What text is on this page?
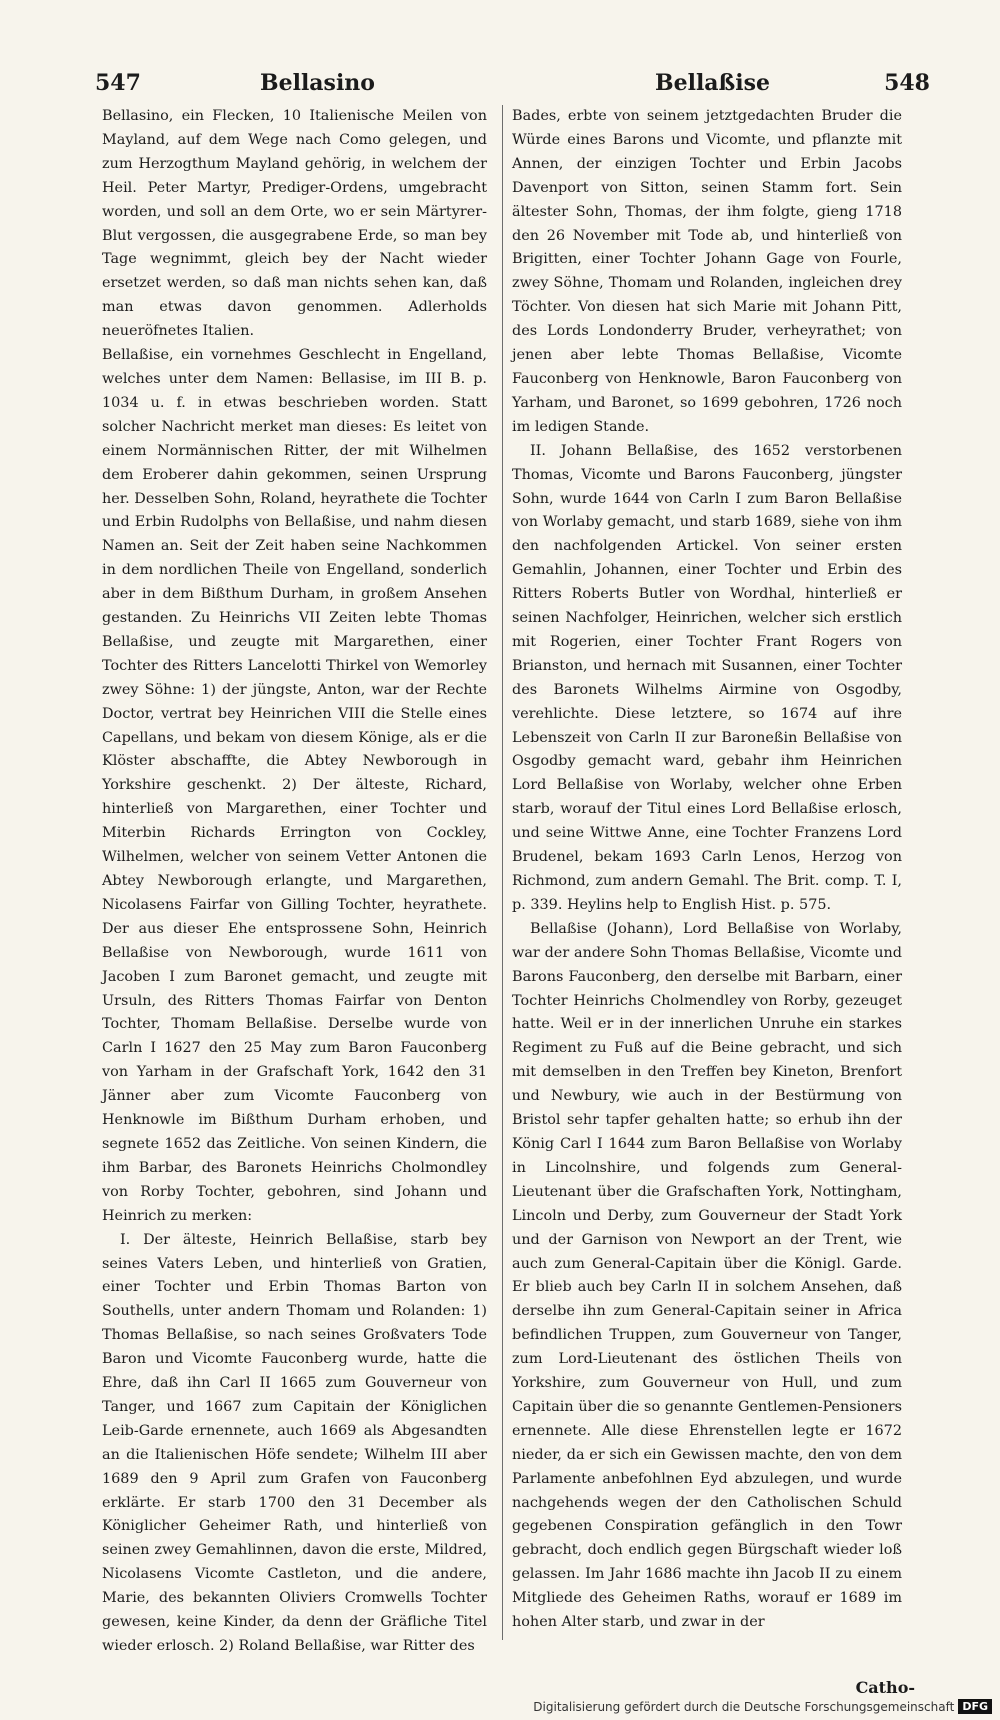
547	Bellasino	Bellaßise	548

Bellasino, ein Flecken, 10 Italienische Meilen von Mayland, auf dem Wege nach Como gelegen, und zum Herzogthum Mayland gehörig, in welchem der Heil. Peter Martyr, Prediger-Ordens, umgebracht worden, und soll an dem Orte, wo er sein Märtyrer-Blut vergossen, die ausgegrabene Erde, so man bey Tage wegnimmt, gleich bey der Nacht wieder ersetzet werden, so daß man nichts sehen kan, daß man etwas davon genommen. Adlerholds neueröfnetes Italien.

Bellaßise, ein vornehmes Geschlecht in Engelland, welches unter dem Namen: Bellasise, im III B. p. 1034 u. f. in etwas beschrieben worden. Statt solcher Nachricht merket man dieses: Es leitet von einem Normännischen Ritter, der mit Wilhelmen dem Eroberer dahin gekommen, seinen Ursprung her. Desselben Sohn, Roland, heyrathete die Tochter und Erbin Rudolphs von Bellaßise, und nahm diesen Namen an. Seit der Zeit haben seine Nachkommen in dem nordlichen Theile von Engelland, sonderlich aber in dem Bißthum Durham, in großem Ansehen gestanden. Zu Heinrichs VII Zeiten lebte Thomas Bellaßise, und zeugte mit Margarethen, einer Tochter des Ritters Lancelotti Thirkel von Wemorley zwey Söhne: 1) der jüngste, Anton, war der Rechte Doctor, vertrat bey Heinrichen VIII die Stelle eines Capellans, und bekam von diesem Könige, als er die Klöster abschaffte, die Abtey Newborough in Yorkshire geschenkt. 2) Der älteste, Richard, hinterließ von Margarethen, einer Tochter und Miterbin Richards Errington von Cockley, Wilhelmen, welcher von seinem Vetter Antonen die Abtey Newborough erlangte, und Margarethen, Nicolasens Fairfar von Gilling Tochter, heyrathete. Der aus dieser Ehe entsprossene Sohn, Heinrich Bellaßise von Newborough, wurde 1611 von Jacoben I zum Baronet gemacht, und zeugte mit Ursuln, des Ritters Thomas Fairfar von Denton Tochter, Thomam Bellaßise. Derselbe wurde von Carln I 1627 den 25 May zum Baron Fauconberg von Yarham in der Grafschaft York, 1642 den 31 Jänner aber zum Vicomte Fauconberg von Henknowle im Bißthum Durham erhoben, und segnete 1652 das Zeitliche. Von seinen Kindern, die ihm Barbar, des Baronets Heinrichs Cholmondley von Rorby Tochter, gebohren, sind Johann und Heinrich zu merken:

I. Der älteste, Heinrich Bellaßise, starb bey seines Vaters Leben, und hinterließ von Gratien, einer Tochter und Erbin Thomas Barton von Southells, unter andern Thomam und Rolanden: 1) Thomas Bellaßise, so nach seines Großvaters Tode Baron und Vicomte Fauconberg wurde, hatte die Ehre, daß ihn Carl II 1665 zum Gouverneur von Tanger, und 1667 zum Capitain der Königlichen Leib-Garde ernennete, auch 1669 als Abgesandten an die Italienischen Höfe sendete; Wilhelm III aber 1689 den 9 April zum Grafen von Fauconberg erklärte. Er starb 1700 den 31 December als Königlicher Geheimer Rath, und hinterließ von seinen zwey Gemahlinnen, davon die erste, Mildred, Nicolasens Vicomte Castleton, und die andere, Marie, des bekannten Oliviers Cromwells Tochter gewesen, keine Kinder, da denn der Gräfliche Titel wieder erlosch. 2) Roland Bellaßise, war Ritter des

Bades, erbte von seinem jetztgedachten Bruder die Würde eines Barons und Vicomte, und pflanzte mit Annen, der einzigen Tochter und Erbin Jacobs Davenport von Sitton, seinen Stamm fort. Sein ältester Sohn, Thomas, der ihm folgte, gieng 1718 den 26 November mit Tode ab, und hinterließ von Brigitten, einer Tochter Johann Gage von Fourle, zwey Söhne, Thomam und Rolanden, ingleichen drey Töchter. Von diesen hat sich Marie mit Johann Pitt, des Lords Londonderry Bruder, verheyrathet; von jenen aber lebte Thomas Bellaßise, Vicomte Fauconberg von Henknowle, Baron Fauconberg von Yarham, und Baronet, so 1699 gebohren, 1726 noch im ledigen Stande.

II. Johann Bellaßise, des 1652 verstorbenen Thomas, Vicomte und Barons Fauconberg, jüngster Sohn, wurde 1644 von Carln I zum Baron Bellaßise von Worlaby gemacht, und starb 1689, siehe von ihm den nachfolgenden Artickel. Von seiner ersten Gemahlin, Johannen, einer Tochter und Erbin des Ritters Roberts Butler von Wordhal, hinterließ er seinen Nachfolger, Heinrichen, welcher sich erstlich mit Rogerien, einer Tochter Frant Rogers von Brianston, und hernach mit Susannen, einer Tochter des Baronets Wilhelms Airmine von Osgodby, verehlichte. Diese letztere, so 1674 auf ihre Lebenszeit von Carln II zur Baroneßin Bellaßise von Osgodby gemacht ward, gebahr ihm Heinrichen Lord Bellaßise von Worlaby, welcher ohne Erben starb, worauf der Titul eines Lord Bellaßise erlosch, und seine Wittwe Anne, eine Tochter Franzens Lord Brudenel, bekam 1693 Carln Lenos, Herzog von Richmond, zum andern Gemahl. The Brit. comp. T. I, p. 339. Heylins help to English Hist. p. 575.

Bellaßise (Johann), Lord Bellaßise von Worlaby, war der andere Sohn Thomas Bellaßise, Vicomte und Barons Fauconberg, den derselbe mit Barbarn, einer Tochter Heinrichs Cholmendley von Rorby, gezeuget hatte. Weil er in der innerlichen Unruhe ein starkes Regiment zu Fuß auf die Beine gebracht, und sich mit demselben in den Treffen bey Kineton, Brenfort und Newbury, wie auch in der Bestürmung von Bristol sehr tapfer gehalten hatte; so erhub ihn der König Carl I 1644 zum Baron Bellaßise von Worlaby in Lincolnshire, und folgends zum General-Lieutenant über die Grafschaften York, Nottingham, Lincoln und Derby, zum Gouverneur der Stadt York und der Garnison von Newport an der Trent, wie auch zum General-Capitain über die Königl. Garde. Er blieb auch bey Carln II in solchem Ansehen, daß derselbe ihn zum General-Capitain seiner in Africa befindlichen Truppen, zum Gouverneur von Tanger, zum Lord-Lieutenant des östlichen Theils von Yorkshire, zum Gouverneur von Hull, und zum Capitain über die so genannte Gentlemen-Pensioners ernennete. Alle diese Ehrenstellen legte er 1672 nieder, da er sich ein Gewissen machte, den von dem Parlamente anbefohlnen Eyd abzulegen, und wurde nachgehends wegen der den Catholischen Schuld gegebenen Conspiration gefänglich in den Towr gebracht, doch endlich gegen Bürgschaft wieder loß gelassen. Im Jahr 1686 machte ihn Jacob II zu einem Mitgliede des Geheimen Raths, worauf er 1689 im hohen Alter starb, und zwar in der

Catho-
Digitalisierung gefördert durch die Deutsche Forschungsgemeinschaft DFG
